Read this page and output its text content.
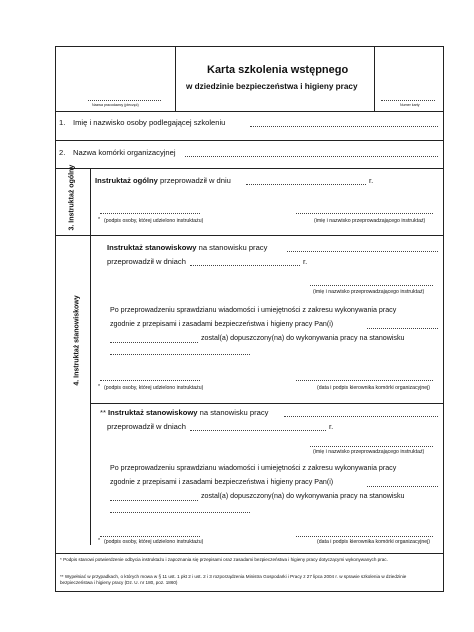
Nazwa pracodawcy (pieczęć)
Karta szkolenia wstępnego
w dziedzinie bezpieczeństwa i higieny pracy
Numer karty
1. Imię i nazwisko osoby podlegającej szkoleniu
2. Nazwa komórki organizacyjnej
3. Instruktaż ogólny	Instruktaż ogólny przeprowadził w dniu	r.
* (podpis osoby, której udzielono instruktażu)	(imię i nazwisko przeprowadzającego instruktaż)
4. Instruktaż stanowiskowy
Instruktaż stanowiskowy na stanowisku pracy
przeprowadził w dniach	r.
(imię i nazwisko przeprowadzającego instruktaż)
Po przeprowadzeniu sprawdzianu wiadomości i umiejętności z zakresu wykonywania pracy
zgodnie z przepisami i zasadami bezpieczeństwa i higieny pracy Pan(i)
zostal(a) dopuszczony(na) do wykonywania pracy na stanowisku
* (podpis osoby, której udzielono instruktażu)	(data i podpis kierownika komórki organizacyjnej)
** Instruktaż stanowiskowy na stanowisku pracy
przeprowadził w dniach	r.
(imię i nazwisko przeprowadzającego instruktaż)
Po przeprowadzeniu sprawdzianu wiadomości i umiejętności z zakresu wykonywania pracy
zgodnie z przepisami i zasadami bezpieczeństwa i higieny pracy Pan(i)
zostal(a) dopuszczony(na) do wykonywania pracy na stanowisku
* (podpis osoby, której udzielono instruktażu)	(data i podpis kierownika komórki organizacyjnej)
* Podpis stanowi potwierdzenie odbycia instruktażu i zapoznania się przepisami oraz zasadami bezpieczeństwa i higieny pracy dotyczącymi wykonywanych prac.
** Wypełniać w przypadkach, o których mowa w § 11 ust. 1 pkt 2 i ust. 2 i 3 rozporządzenia Ministra Gospodarki i Pracy z 27 lipca 2004 r. w sprawie szkolenia w dziedzinie bezpieczeństwa i higieny pracy (Dz. U. nr 180, poz. 1860)
